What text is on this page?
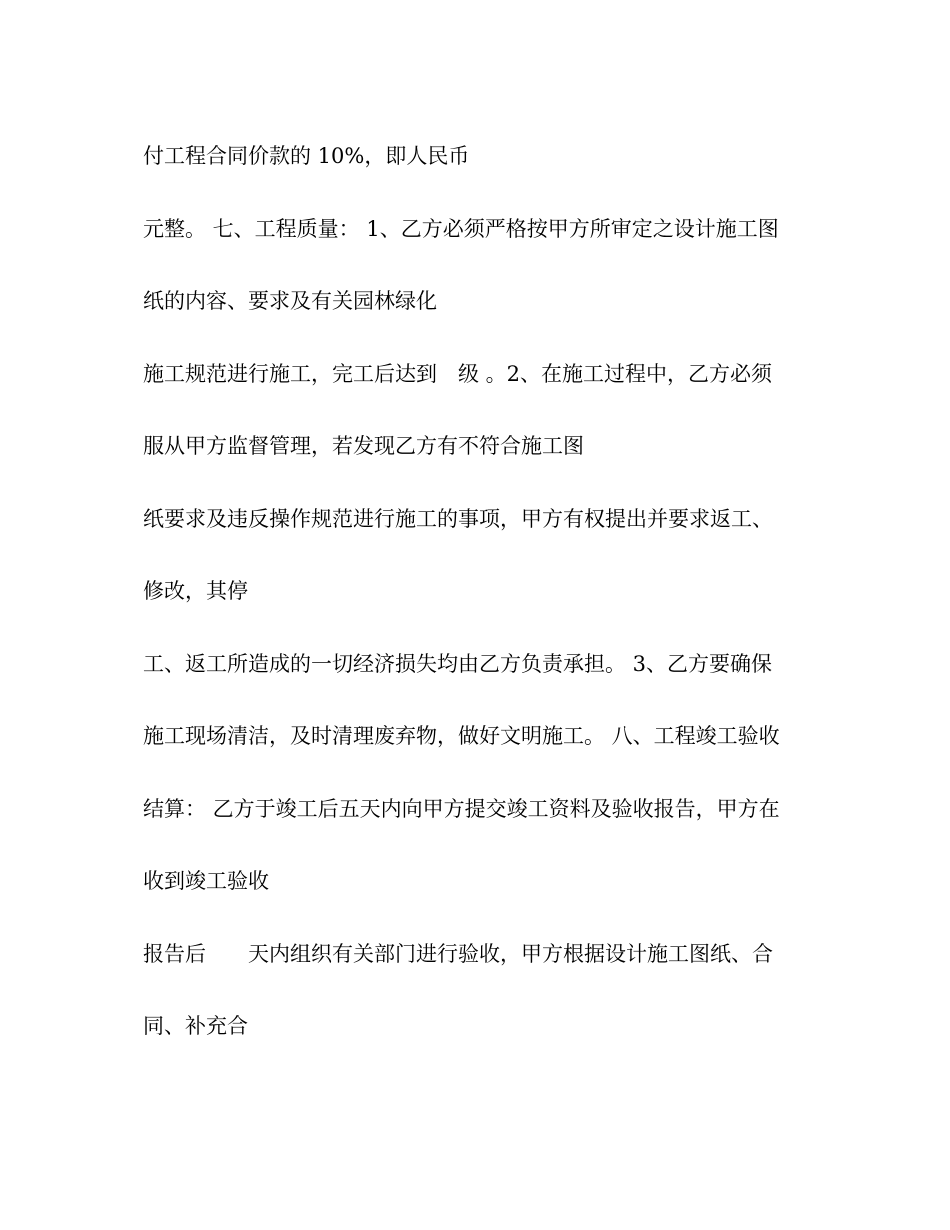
付工程合同价款的 10%，即人民币

元整。 七、工程质量： 1、乙方必须严格按甲方所审定之设计施工图

纸的内容、要求及有关园林绿化

施工规范进行施工，完工后达到　级 。2、在施工过程中，乙方必须

服从甲方监督管理，若发现乙方有不符合施工图

纸要求及违反操作规范进行施工的事项，甲方有权提出并要求返工、

修改，其停

工、返工所造成的一切经济损失均由乙方负责承担。 3、乙方要确保

施工现场清洁，及时清理废弃物，做好文明施工。 八、工程竣工验收

结算： 乙方于竣工后五天内向甲方提交竣工资料及验收报告，甲方在

收到竣工验收

报告后　　天内组织有关部门进行验收，甲方根据设计施工图纸、合

同、补充合
